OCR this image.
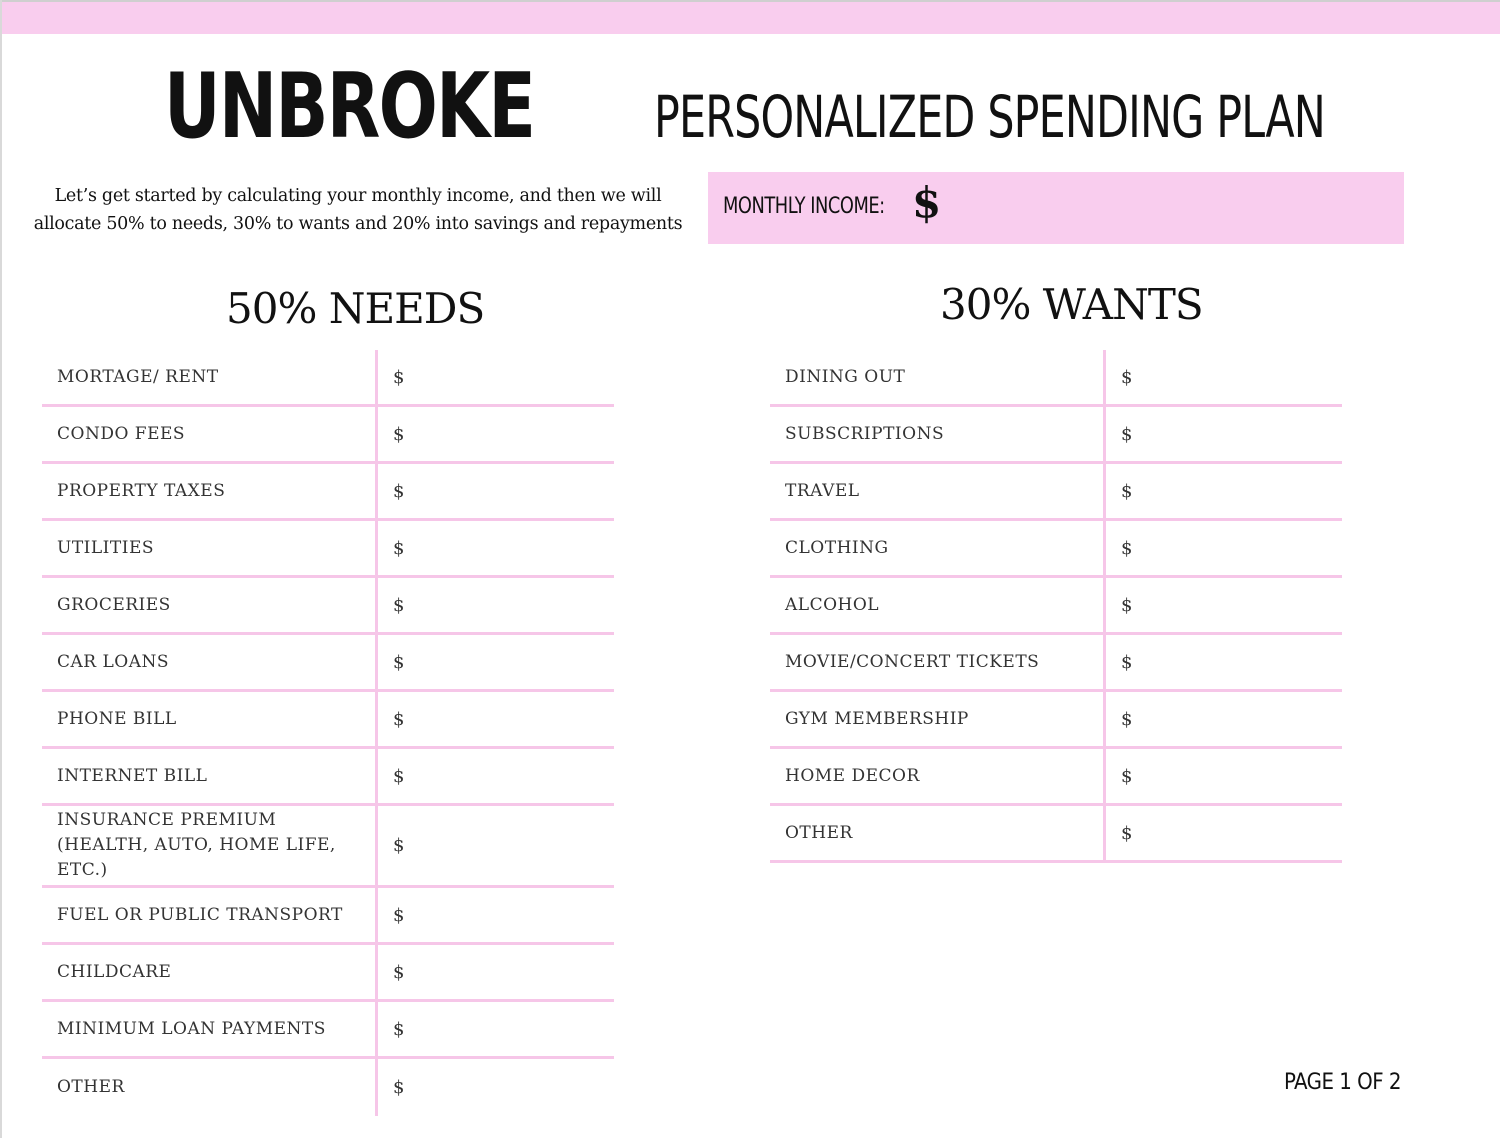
UNBROKE PERSONALIZED SPENDING PLAN
Let’s get started by calculating your monthly income, and then we will allocate 50% to needs, 30% to wants and 20% into savings and repayments
MONTHLY INCOME: $
50% NEEDS	30% WANTS
MORTAGE/ RENT	$
CONDO FEES	$
PROPERTY TAXES	$
UTILITIES	$
GROCERIES	$
CAR LOANS	$
PHONE BILL	$
INTERNET BILL	$
INSURANCE PREMIUM
(HEALTH, AUTO, HOME LIFE, ETC.)
$
FUEL OR PUBLIC TRANSPORT	$
CHILDCARE	$
MINIMUM LOAN PAYMENTS	$
OTHER	$
DINING OUT	$
SUBSCRIPTIONS	$
TRAVEL	$
CLOTHING	$
ALCOHOL	$
MOVIE/CONCERT TICKETS	$
GYM MEMBERSHIP	$
HOME DECOR	$
OTHER	$
PAGE 1 OF 2
